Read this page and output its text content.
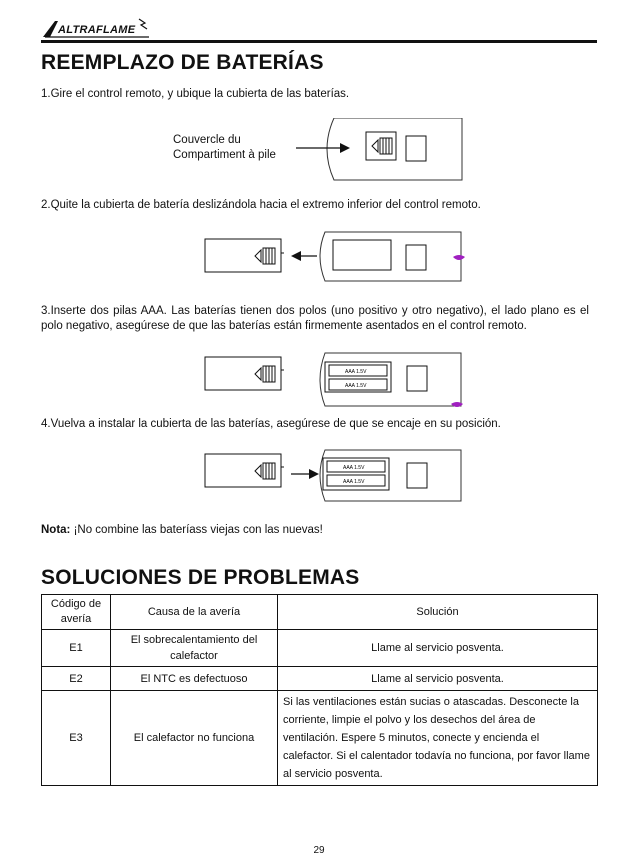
ALTRAFLAME
REEMPLAZO DE BATERÍAS
1.Gire el control remoto, y ubique la cubierta de las baterías.
Couvercle du
Compartiment à pile
2.Quite la cubierta de batería deslizándola hacia el extremo inferior del control remoto.
3.Inserte dos pilas AAA. Las baterías tienen dos polos (uno positivo y otro negativo), el lado plano es el polo negativo, asegúrese de que las baterías están firmemente asentados en el control remoto.
AAA 1.5V
AAA 1.5V
4.Vuelva a instalar la cubierta de las baterías, asegúrese de que se encaje en su posición.
AAA 1.5V
AAA 1.5V
Nota: ¡No combine las bateríass viejas con las nuevas!
SOLUCIONES DE PROBLEMAS
Código de avería	Causa de la avería	Solución
E1	El sobrecalentamiento del calefactor	Llame al servicio posventa.
E2	El NTC es defectuoso	Llame al servicio posventa.
E3	El calefactor no funciona	Si las ventilaciones están sucias o atascadas. Desconecte la corriente, limpie el polvo y los desechos del área de ventilación. Espere 5 minutos, conecte y encienda el calefactor. Si el calentador todavía no funciona, por favor llame al servicio posventa.
29
